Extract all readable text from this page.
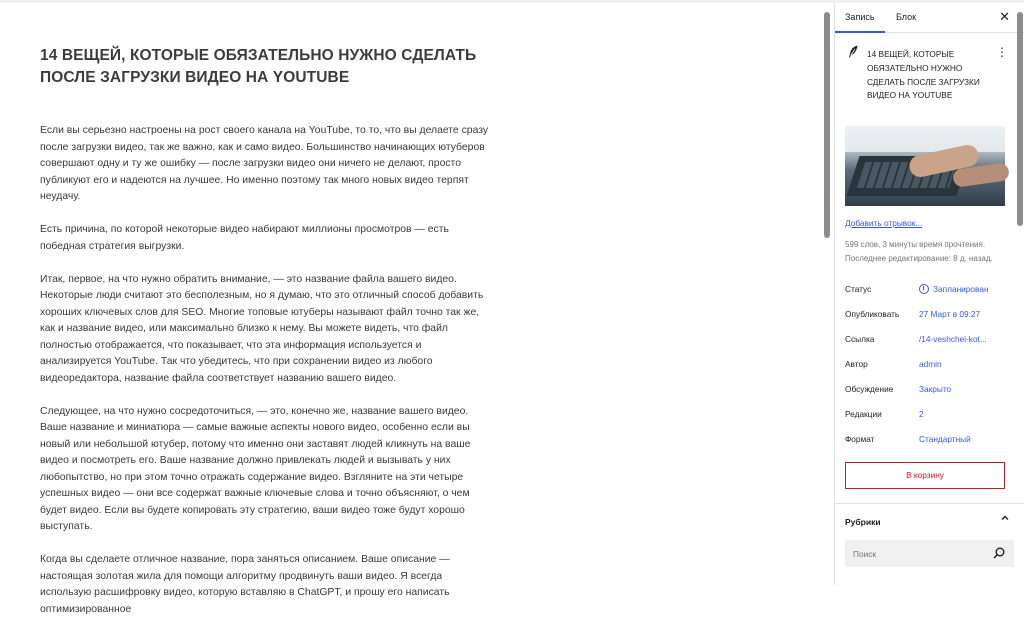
14 ВЕЩЕЙ, КОТОРЫЕ ОБЯЗАТЕЛЬНО НУЖНО СДЕЛАТЬ ПОСЛЕ ЗАГРУЗКИ ВИДЕО НА YOUTUBE

Если вы серьезно настроены на рост своего канала на YouTube, то то, что вы делаете сразу после загрузки видео, так же важно, как и само видео. Большинство начинающих ютуберов совершают одну и ту же ошибку — после загрузки видео они ничего не делают, просто публикуют его и надеются на лучшее. Но именно поэтому так много новых видео терпят неудачу.

Есть причина, по которой некоторые видео набирают миллионы просмотров — есть победная стратегия выгрузки.

Итак, первое, на что нужно обратить внимание, — это название файла вашего видео. Некоторые люди считают это бесполезным, но я думаю, что это отличный способ добавить хороших ключевых слов для SEO. Многие топовые ютуберы называют файл точно так же, как и название видео, или максимально близко к нему. Вы можете видеть, что файл полностью отображается, что показывает, что эта информация используется и анализируется YouTube. Так что убедитесь, что при сохранении видео из любого видеоредактора, название файла соответствует названию вашего видео.

Следующее, на что нужно сосредоточиться, — это, конечно же, название вашего видео. Ваше название и миниатюра — самые важные аспекты нового видео, особенно если вы новый или небольшой ютубер, потому что именно они заставят людей кликнуть на ваше видео и посмотреть его. Ваше название должно привлекать людей и вызывать у них любопытство, но при этом точно отражать содержание видео. Взгляните на эти четыре успешных видео — они все содержат важные ключевые слова и точно объясняют, о чем будет видео. Если вы будете копировать эту стратегию, ваши видео тоже будут хорошо выступать.

Когда вы сделаете отличное название, пора заняться описанием. Ваше описание — настоящая золотая жила для помощи алгоритму продвинуть ваши видео. Я всегда использую расшифровку видео, которую вставляю в ChatGPT, и прошу его написать оптимизированное

Запись Блок	✕
14 ВЕЩЕЙ, КОТОРЫЕ ОБЯЗАТЕЛЬНО НУЖНО СДЕЛАТЬ ПОСЛЕ ЗАГРУЗКИ ВИДЕО НА YOUTUBE
⋮
Добавить отрывок...
599 слов, 3 минуты время прочтения. Последнее редактирование: 8 д. назад.
Статус	Запланирован
Опубликовать 27 Март в 09:27
Ссылка	/14-veshchei-kot...
Автор	admin
Обсуждение	Закрыто
Редакции	2
Формат	Стандартный
В корзину
Рубрики
Поиск
